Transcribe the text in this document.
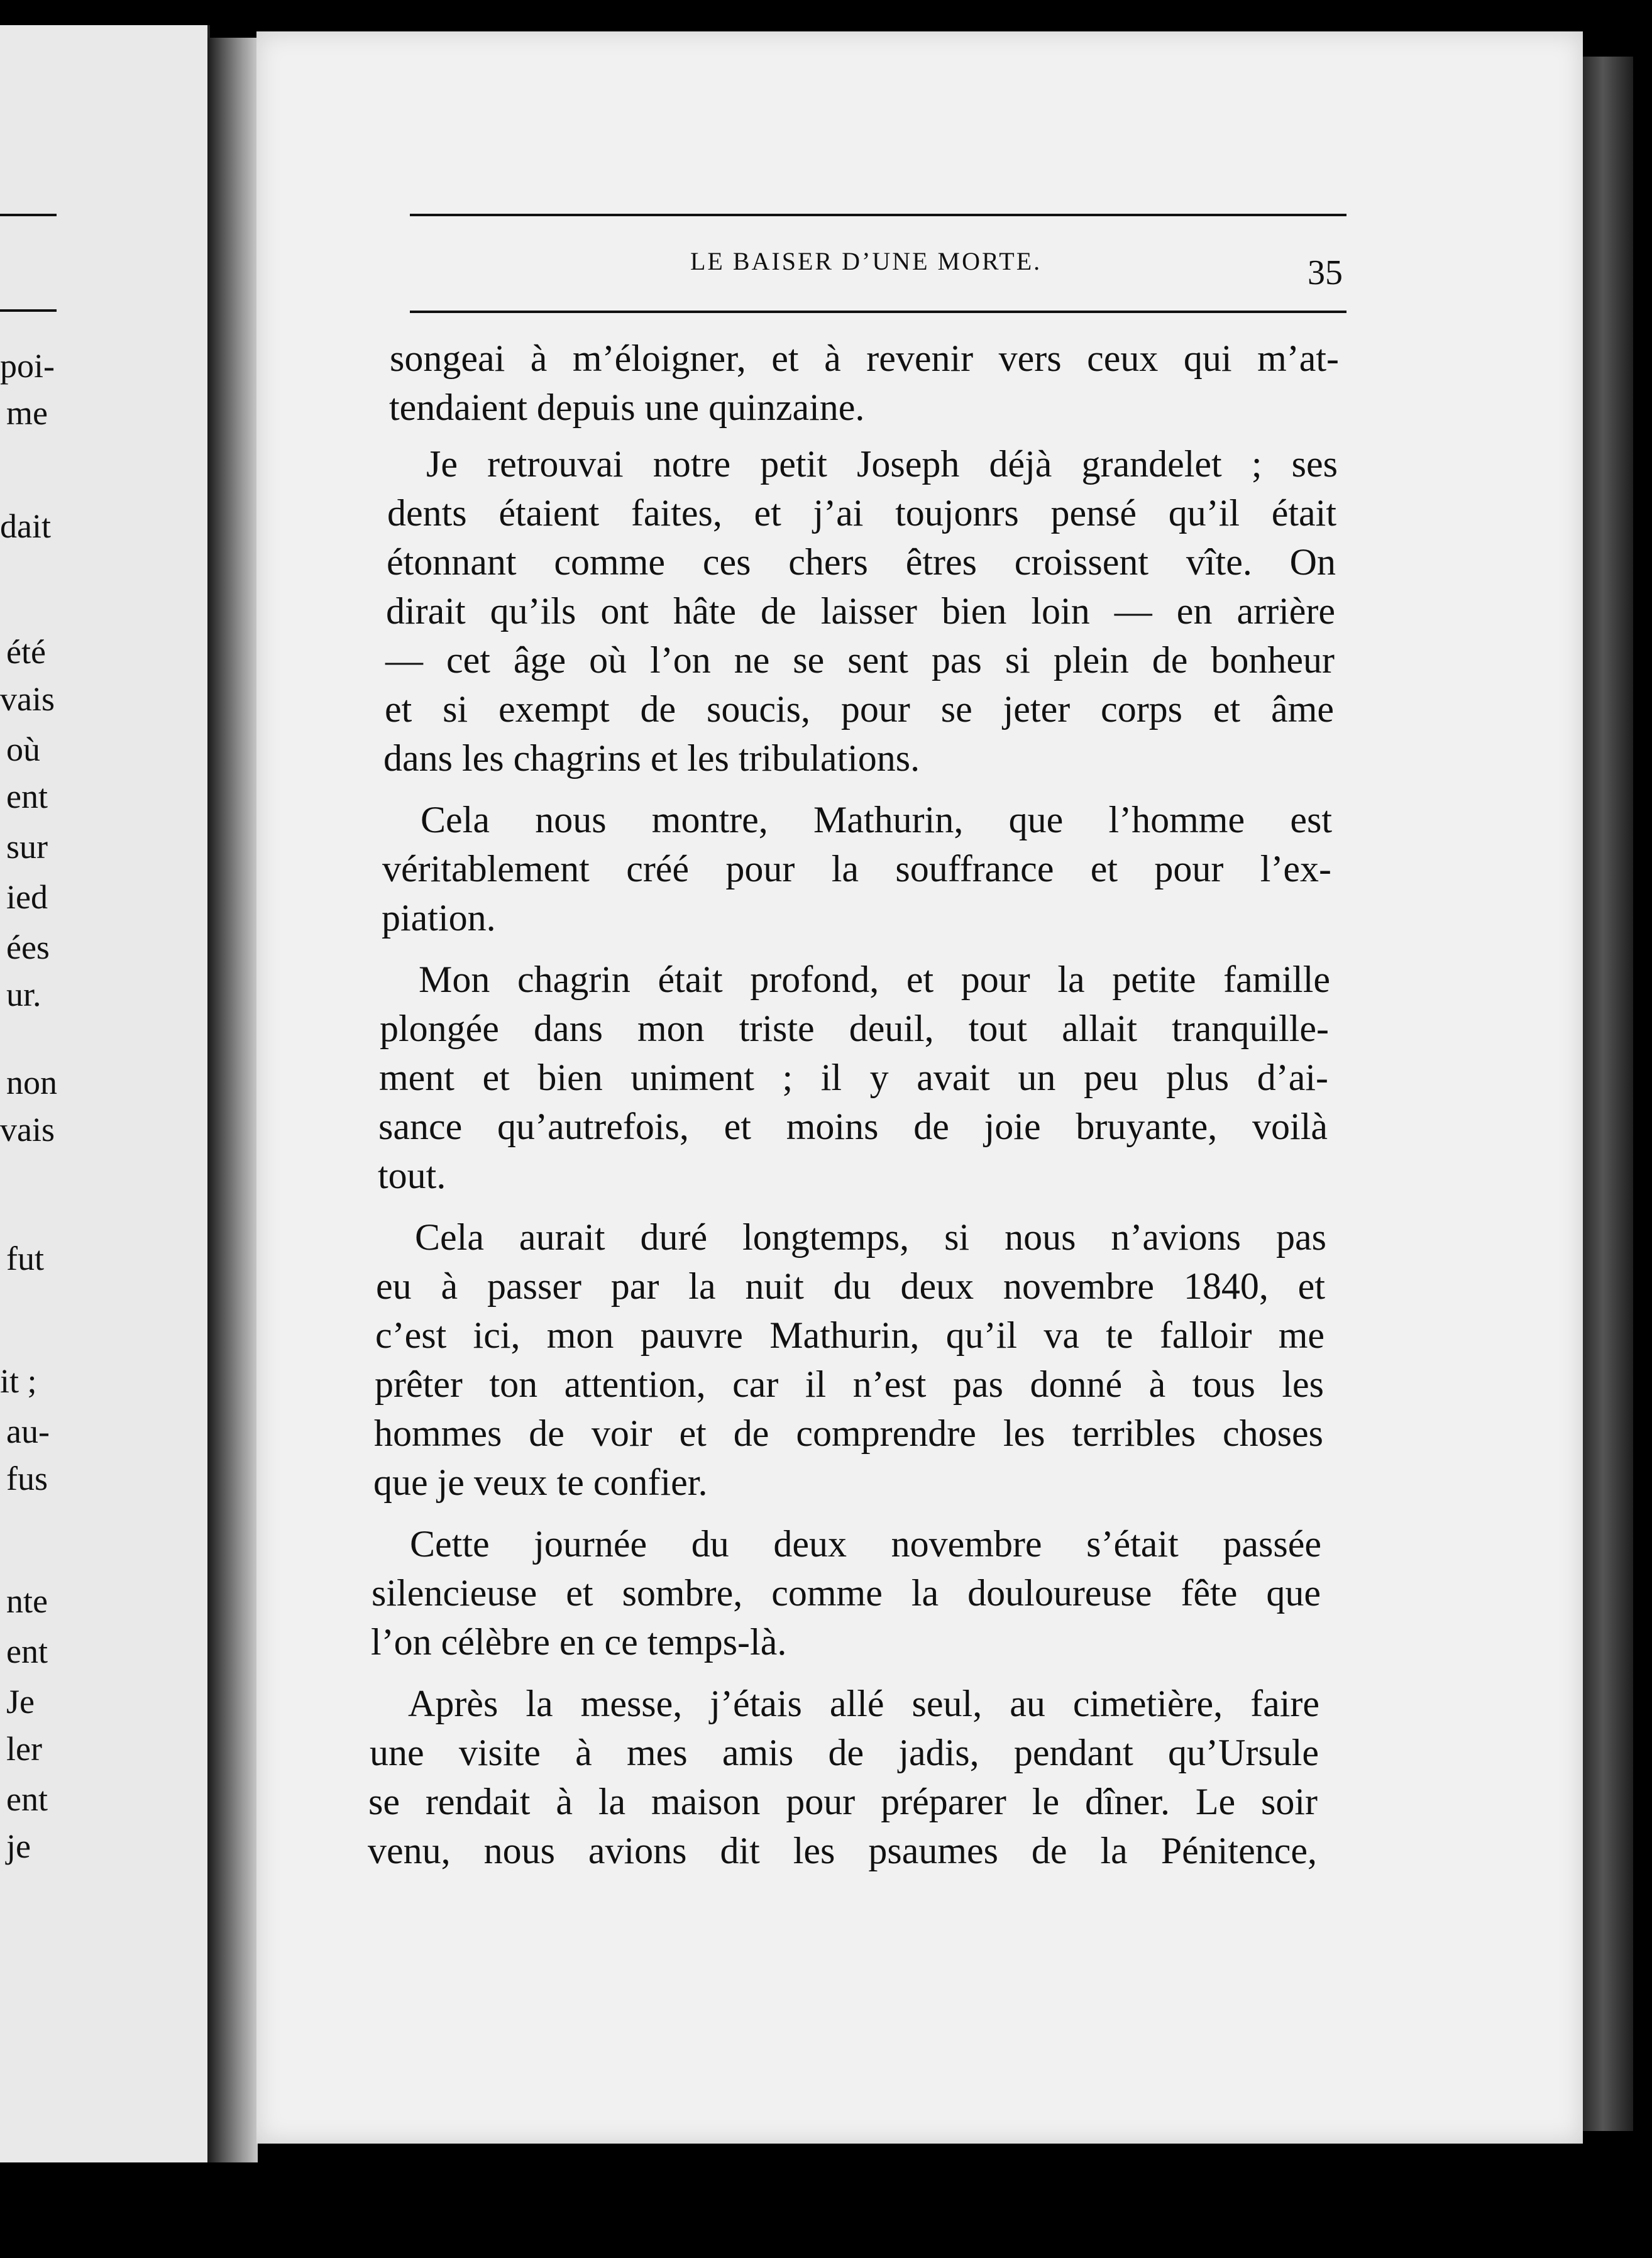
poi-
me
dait
été
vais
où
ent
sur
ied
ées
ur.
non
vais
fut
it ;
au-
fus
nte
ent
Je
ler
ent
je
LE BAISER D’UNE MORTE.	35
songeai à m’éloigner, et à revenir vers ceux qui m’at-
tendaient depuis une quinzaine.
Je retrouvai notre petit Joseph déjà grandelet ; ses
dents étaient faites, et j’ai toujonrs pensé qu’il était
étonnant comme ces chers êtres croissent vîte. On
dirait qu’ils ont hâte de laisser bien loin — en arrière
— cet âge où l’on ne se sent pas si plein de bonheur
et si exempt de soucis, pour se jeter corps et âme
dans les chagrins et les tribulations.
Cela nous montre, Mathurin, que l’homme est
véritablement créé pour la souffrance et pour l’ex-
piation.
Mon chagrin était profond, et pour la petite famille
plongée dans mon triste deuil, tout allait tranquille-
ment et bien uniment ; il y avait un peu plus d’ai-
sance qu’autrefois, et moins de joie bruyante, voilà
tout.
Cela aurait duré longtemps, si nous n’avions pas
eu à passer par la nuit du deux novembre 1840, et
c’est ici, mon pauvre Mathurin, qu’il va te falloir me
prêter ton attention, car il n’est pas donné à tous les
hommes de voir et de comprendre les terribles choses
que je veux te confier.
Cette journée du deux novembre s’était passée
silencieuse et sombre, comme la douloureuse fête que
l’on célèbre en ce temps-là.
Après la messe, j’étais allé seul, au cimetière, faire
une visite à mes amis de jadis, pendant qu’Ursule
se rendait à la maison pour préparer le dîner. Le soir
venu, nous avions dit les psaumes de la Pénitence,
